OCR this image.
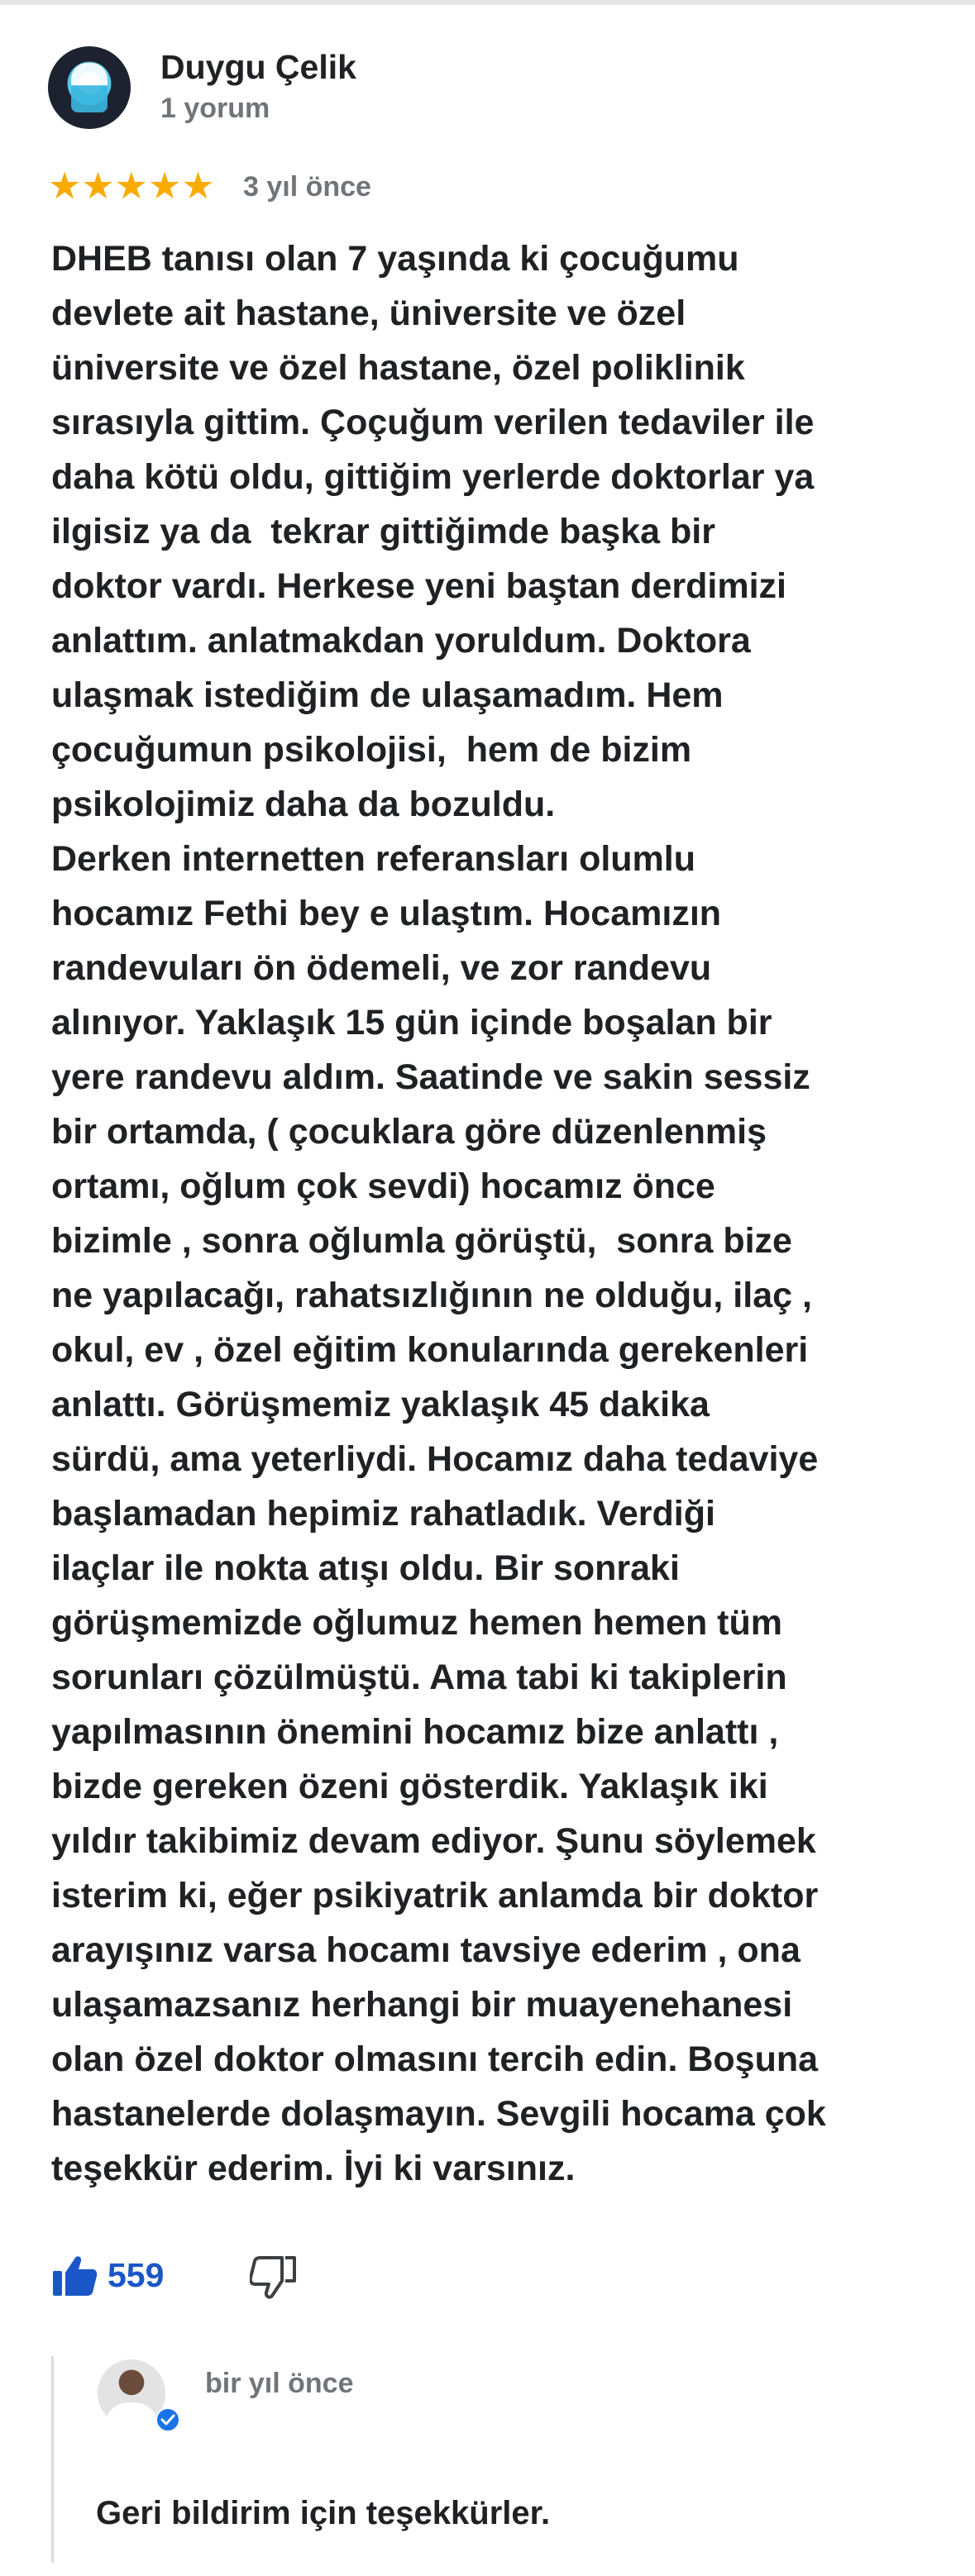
Duygu Çelik
1 yorum
★★★★★ 3 yıl önce

DHEB tanısı olan 7 yaşında ki çocuğumu
devlete ait hastane, üniversite ve özel
üniversite ve özel hastane, özel poliklinik
sırasıyla gittim. Çoçuğum verilen tedaviler ile
daha kötü oldu, gittiğim yerlerde doktorlar ya
ilgisiz ya da  tekrar gittiğimde başka bir
doktor vardı. Herkese yeni baştan derdimizi
anlattım. anlatmakdan yoruldum. Doktora
ulaşmak istediğim de ulaşamadım. Hem
çocuğumun psikolojisi,  hem de bizim
psikolojimiz daha da bozuldu.
Derken internetten referansları olumlu
hocamız Fethi bey e ulaştım. Hocamızın
randevuları ön ödemeli, ve zor randevu
alınıyor. Yaklaşık 15 gün içinde boşalan bir
yere randevu aldım. Saatinde ve sakin sessiz
bir ortamda, ( çocuklara göre düzenlenmiş
ortamı, oğlum çok sevdi) hocamız önce
bizimle , sonra oğlumla görüştü,  sonra bize
ne yapılacağı, rahatsızlığının ne olduğu, ilaç ,
okul, ev , özel eğitim konularında gerekenleri
anlattı. Görüşmemiz yaklaşık 45 dakika
sürdü, ama yeterliydi. Hocamız daha tedaviye
başlamadan hepimiz rahatladık. Verdiği
ilaçlar ile nokta atışı oldu. Bir sonraki
görüşmemizde oğlumuz hemen hemen tüm
sorunları çözülmüştü. Ama tabi ki takiplerin
yapılmasının önemini hocamız bize anlattı ,
bizde gereken özeni gösterdik. Yaklaşık iki
yıldır takibimiz devam ediyor. Şunu söylemek
isterim ki, eğer psikiyatrik anlamda bir doktor
arayışınız varsa hocamı tavsiye ederim , ona
ulaşamazsanız herhangi bir muayenehanesi
olan özel doktor olmasını tercih edin. Boşuna
hastanelerde dolaşmayın. Sevgili hocama çok
teşekkür ederim. İyi ki varsınız.

559
bir yıl önce
Geri bildirim için teşekkürler.
